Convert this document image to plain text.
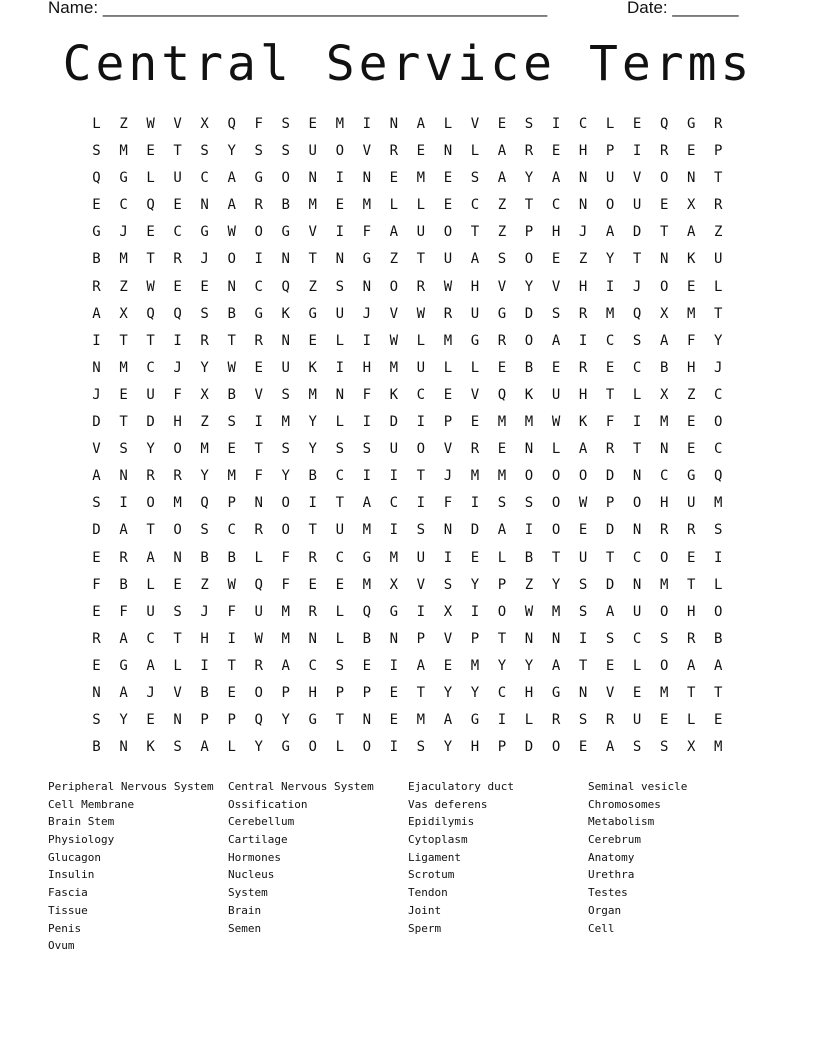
Name: _______________________________________________	Date: _______
Central Service Terms
L	Z	W	V	X	Q	F	S	E	M	I	N	A	L	V	E	S	I	C	L	E	Q	G	R
S	M	E	T	S	Y	S	S	U	O	V	R	E	N	L	A	R	E	H	P	I	R	E	P
Q	G	L	U	C	A	G	O	N	I	N	E	M	E	S	A	Y	A	N	U	V	O	N	T
E	C	Q	E	N	A	R	B	M	E	M	L	L	E	C	Z	T	C	N	O	U	E	X	R
G	J	E	C	G	W	O	G	V	I	F	A	U	O	T	Z	P	H	J	A	D	T	A	Z
B	M	T	R	J	O	I	N	T	N	G	Z	T	U	A	S	O	E	Z	Y	T	N	K	U
R	Z	W	E	E	N	C	Q	Z	S	N	O	R	W	H	V	Y	V	H	I	J	O	E	L
A	X	Q	Q	S	B	G	K	G	U	J	V	W	R	U	G	D	S	R	M	Q	X	M	T
I	T	T	I	R	T	R	N	E	L	I	W	L	M	G	R	O	A	I	C	S	A	F	Y
N	M	C	J	Y	W	E	U	K	I	H	M	U	L	L	E	B	E	R	E	C	B	H	J
J	E	U	F	X	B	V	S	M	N	F	K	C	E	V	Q	K	U	H	T	L	X	Z	C
D	T	D	H	Z	S	I	M	Y	L	I	D	I	P	E	M	M	W	K	F	I	M	E	O
V	S	Y	O	M	E	T	S	Y	S	S	U	O	V	R	E	N	L	A	R	T	N	E	C
A	N	R	R	Y	M	F	Y	B	C	I	I	T	J	M	M	O	O	O	D	N	C	G	Q
S	I	O	M	Q	P	N	O	I	T	A	C	I	F	I	S	S	O	W	P	O	H	U	M
D	A	T	O	S	C	R	O	T	U	M	I	S	N	D	A	I	O	E	D	N	R	R	S
E	R	A	N	B	B	L	F	R	C	G	M	U	I	E	L	B	T	U	T	C	O	E	I
F	B	L	E	Z	W	Q	F	E	E	M	X	V	S	Y	P	Z	Y	S	D	N	M	T	L
E	F	U	S	J	F	U	M	R	L	Q	G	I	X	I	O	W	M	S	A	U	O	H	O
R	A	C	T	H	I	W	M	N	L	B	N	P	V	P	T	N	N	I	S	C	S	R	B
E	G	A	L	I	T	R	A	C	S	E	I	A	E	M	Y	Y	A	T	E	L	O	A	A
N	A	J	V	B	E	O	P	H	P	P	E	T	Y	Y	C	H	G	N	V	E	M	T	T
S	Y	E	N	P	P	Q	Y	G	T	N	E	M	A	G	I	L	R	S	R	U	E	L	E
B	N	K	S	A	L	Y	G	O	L	O	I	S	Y	H	P	D	O	E	A	S	S	X	M
Peripheral Nervous System
Cell Membrane
Brain Stem
Physiology
Glucagon
Insulin
Fascia
Tissue
Penis
Ovum
Central Nervous System
Ossification
Cerebellum
Cartilage
Hormones
Nucleus
System
Brain
Semen
Ejaculatory duct
Vas deferens
Epidilymis
Cytoplasm
Ligament
Scrotum
Tendon
Joint
Sperm
Seminal vesicle
Chromosomes
Metabolism
Cerebrum
Anatomy
Urethra
Testes
Organ
Cell
